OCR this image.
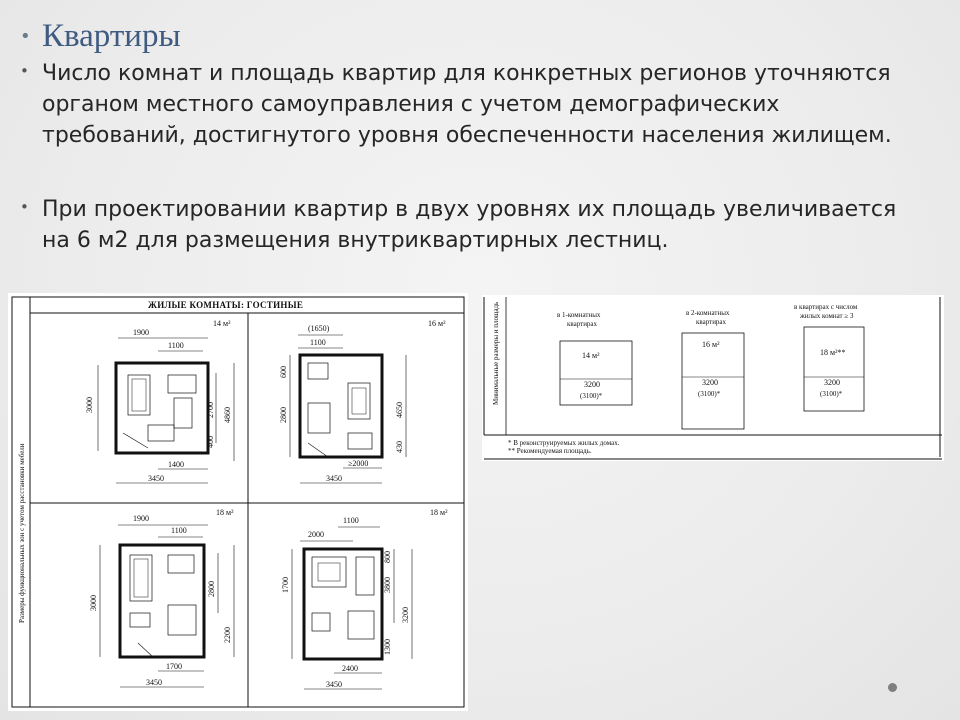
• Квартиры
• Число комнат и площадь квартир для конкретных регионов уточняются органом местного самоуправления с учетом демографических требований, достигнутого уровня обеспеченности населения жилищем.
• При проектировании квартир в двух уровнях их площадь увеличивается на 6 м2 для размещения внутриквартирных лестниц.
ЖИЛЫЕ КОМНАТЫ: ГОСТИНЫЕ
Размеры функциональных зон с учетом расстановки мебели
14 м²
1900
1100
3000	2700 4860
400
1400
3450
16 м²
(1650)
1100
600
2800	4650
430
≥2000
3450
18 м²
1900
1100
3000
2800
2200
1700
3450
18 м²
1100
2000
1700	3800
800
3200
1300
2400
3450
Минимальные размеры и площадь	в 1-комнатных
квартирах
14 м²
3200
(3100)*
в 2-комнатных
квартирах
16 м²
3200
(3100)*
в квартирах с числом
жилых комнат ≥ 3
18 м²**
3200
(3100)*
* В реконструируемых жилых домах.
** Рекомендуемая площадь.
